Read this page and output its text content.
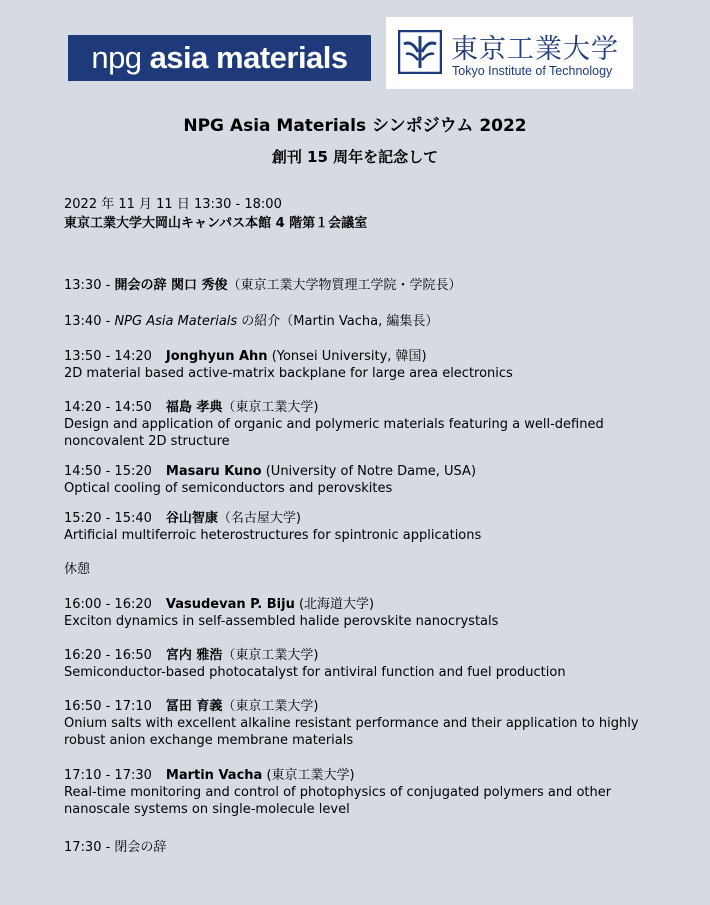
npg asia materials	東京工業大学
Tokyo Institute of Technology
NPG Asia Materials シンポジウム 2022
創刊 15 周年を記念して
2022 年 11 月 11 日 13:30 - 18:00
東京工業大学大岡山キャンパス本館 4 階第１会議室
13:30 - 開会の辞 関口 秀俊（東京工業大学物質理工学院・学院長）
13:40 - NPG Asia Materials の紹介（Martin Vacha, 編集長）
13:50 - 14:20 Jonghyun Ahn (Yonsei University, 韓国)
2D material based active-matrix backplane for large area electronics
14:20 - 14:50 福島 孝典（東京工業大学)
Design and application of organic and polymeric materials featuring a well-defined noncovalent 2D structure
14:50 - 15:20 Masaru Kuno (University of Notre Dame, USA)
Optical cooling of semiconductors and perovskites
15:20 - 15:40 谷山智康（名古屋大学)
Artificial multiferroic heterostructures for spintronic applications
休憩
16:00 - 16:20 Vasudevan P. Biju (北海道大学)
Exciton dynamics in self-assembled halide perovskite nanocrystals
16:20 - 16:50 宮内 雅浩（東京工業大学)
Semiconductor-based photocatalyst for antiviral function and fuel production
16:50 - 17:10 冨田 育義（東京工業大学)
Onium salts with excellent alkaline resistant performance and their application to highly robust anion exchange membrane materials
17:10 - 17:30 Martin Vacha (東京工業大学)
Real-time monitoring and control of photophysics of conjugated polymers and other nanoscale systems on single-molecule level
17:30 - 閉会の辞
